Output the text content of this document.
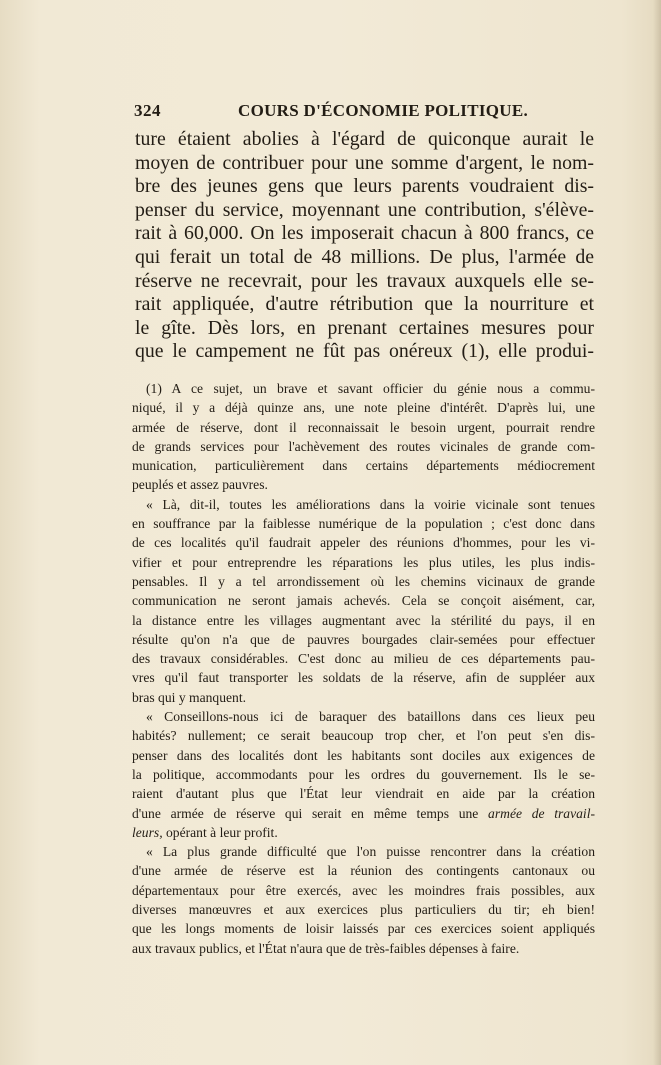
324	COURS D'ÉCONOMIE POLITIQUE.
ture étaient abolies à l'égard de quiconque aurait le
moyen de contribuer pour une somme d'argent, le nom-
bre des jeunes gens que leurs parents voudraient dis-
penser du service, moyennant une contribution, s'élève-
rait à 60,000. On les imposerait chacun à 800 francs, ce
qui ferait un total de 48 millions. De plus, l'armée de
réserve ne recevrait, pour les travaux auxquels elle se-
rait appliquée, d'autre rétribution que la nourriture et
le gîte. Dès lors, en prenant certaines mesures pour
que le campement ne fût pas onéreux (1), elle produi-
(1) A ce sujet, un brave et savant officier du génie nous a commu-
niqué, il y a déjà quinze ans, une note pleine d'intérêt. D'après lui, une
armée de réserve, dont il reconnaissait le besoin urgent, pourrait rendre
de grands services pour l'achèvement des routes vicinales de grande com-
munication, particulièrement dans certains départements médiocrement
peuplés et assez pauvres.
« Là, dit-il, toutes les améliorations dans la voirie vicinale sont tenues
en souffrance par la faiblesse numérique de la population ; c'est donc dans
de ces localités qu'il faudrait appeler des réunions d'hommes, pour les vi-
vifier et pour entreprendre les réparations les plus utiles, les plus indis-
pensables. Il y a tel arrondissement où les chemins vicinaux de grande
communication ne seront jamais achevés. Cela se conçoit aisément, car,
la distance entre les villages augmentant avec la stérilité du pays, il en
résulte qu'on n'a que de pauvres bourgades clair-semées pour effectuer
des travaux considérables. C'est donc au milieu de ces départements pau-
vres qu'il faut transporter les soldats de la réserve, afin de suppléer aux
bras qui y manquent.
« Conseillons-nous ici de baraquer des bataillons dans ces lieux peu
habités? nullement; ce serait beaucoup trop cher, et l'on peut s'en dis-
penser dans des localités dont les habitants sont dociles aux exigences de
la politique, accommodants pour les ordres du gouvernement. Ils le se-
raient d'autant plus que l'État leur viendrait en aide par la création
d'une armée de réserve qui serait en même temps une armée de travail-
leurs, opérant à leur profit.
« La plus grande difficulté que l'on puisse rencontrer dans la création
d'une armée de réserve est la réunion des contingents cantonaux ou
départementaux pour être exercés, avec les moindres frais possibles, aux
diverses manœuvres et aux exercices plus particuliers du tir; eh bien!
que les longs moments de loisir laissés par ces exercices soient appliqués
aux travaux publics, et l'État n'aura que de très-faibles dépenses à faire.
